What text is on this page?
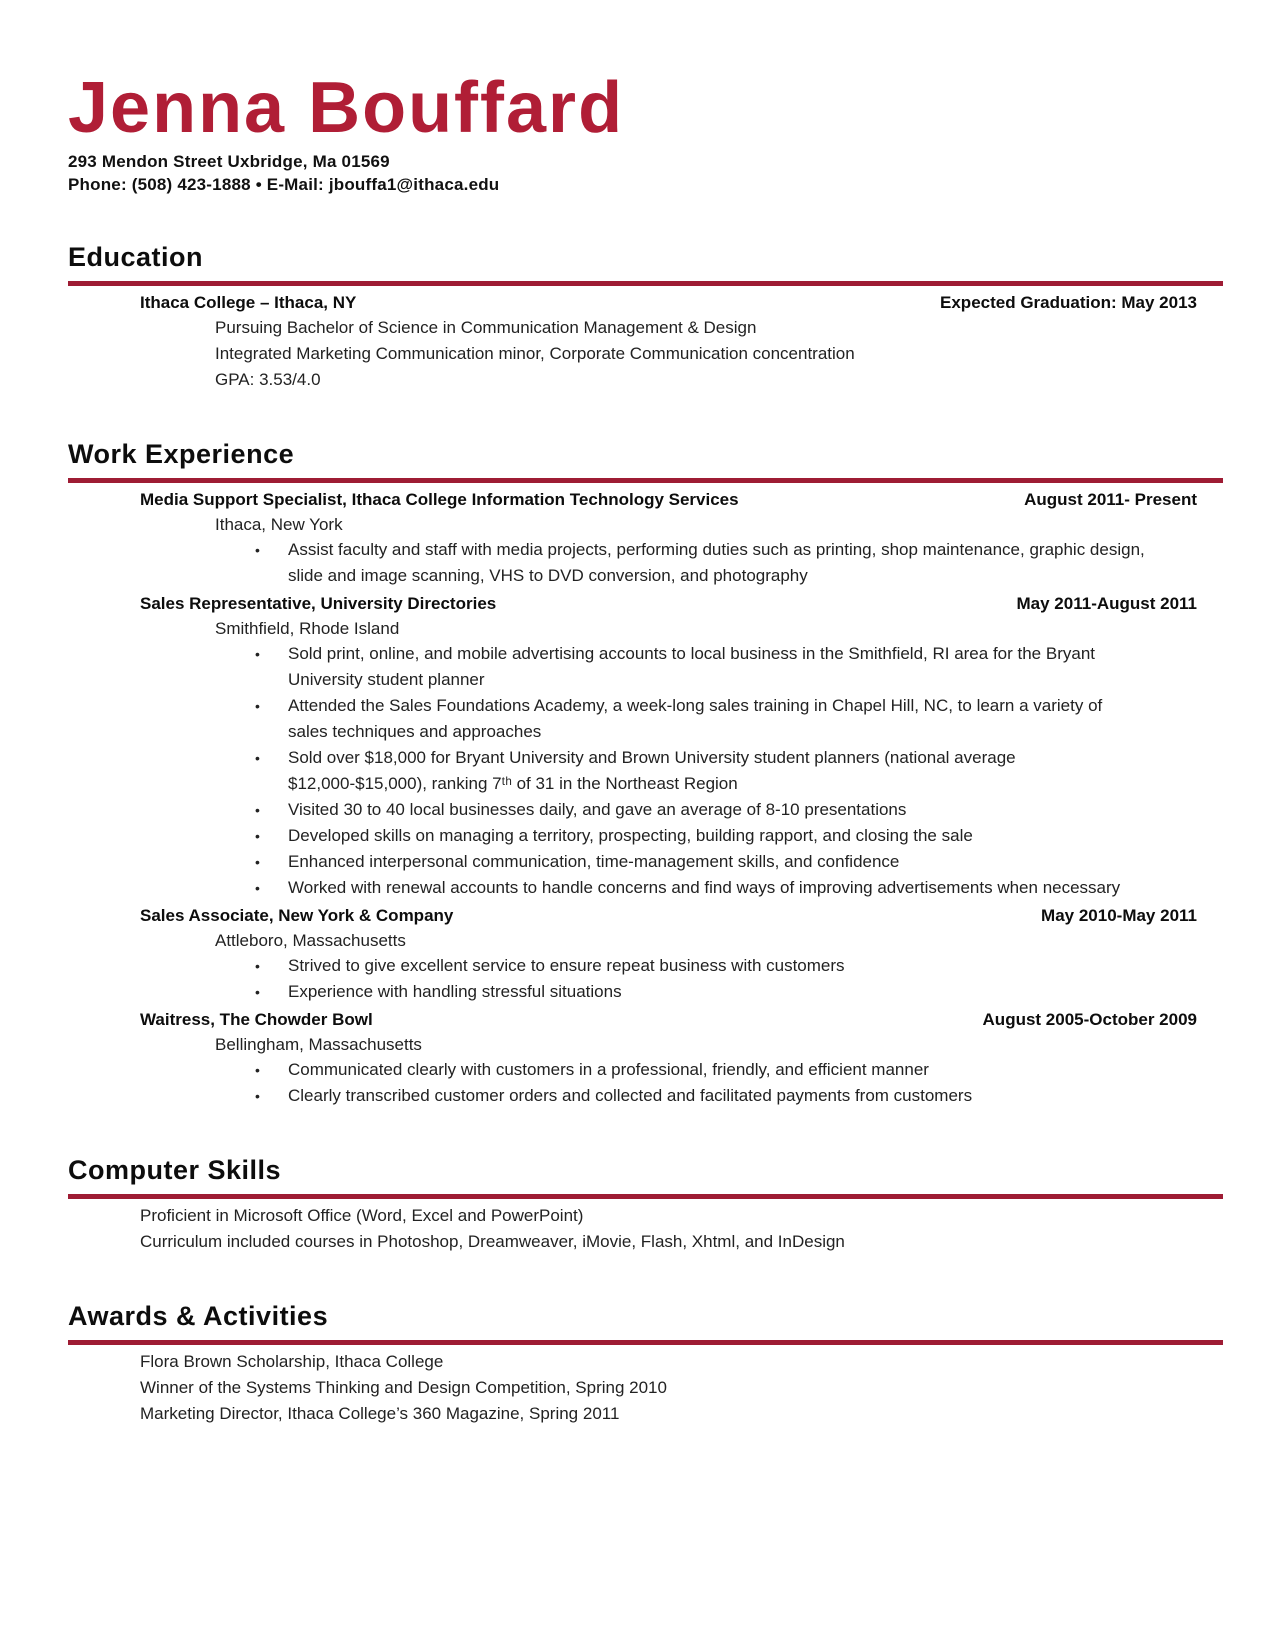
Jenna Bouffard
293 Mendon Street Uxbridge, Ma 01569
Phone: (508) 423-1888 • E-Mail: jbouffa1@ithaca.edu
Education
Ithaca College – Ithaca, NY	Expected Graduation: May 2013
Pursuing Bachelor of Science in Communication Management & Design
Integrated Marketing Communication minor, Corporate Communication concentration
GPA: 3.53/4.0
Work Experience
Media Support Specialist, Ithaca College Information Technology Services	August 2011- Present
Ithaca, New York
•	Assist faculty and staff with media projects, performing duties such as printing, shop maintenance, graphic design, slide and image scanning, VHS to DVD conversion, and photography
Sales Representative, University Directories	May 2011-August 2011
Smithfield, Rhode Island
•	Sold print, online, and mobile advertising accounts to local business in the Smithfield, RI area for the Bryant University student planner
•	Attended the Sales Foundations Academy, a week-long sales training in Chapel Hill, NC, to learn a variety of sales techniques and approaches
•	Sold over $18,000 for Bryant University and Brown University student planners (national average $12,000-$15,000), ranking 7ᵗʰ of 31 in the Northeast Region
•	Visited 30 to 40 local businesses daily, and gave an average of 8-10 presentations
•	Developed skills on managing a territory, prospecting, building rapport, and closing the sale
•	Enhanced interpersonal communication, time-management skills, and confidence
•	Worked with renewal accounts to handle concerns and find ways of improving advertisements when necessary
Sales Associate, New York & Company	May 2010-May 2011
Attleboro, Massachusetts
•	Strived to give excellent service to ensure repeat business with customers
•	Experience with handling stressful situations
Waitress, The Chowder Bowl	August 2005-October 2009
Bellingham, Massachusetts
•	Communicated clearly with customers in a professional, friendly, and efficient manner
•	Clearly transcribed customer orders and collected and facilitated payments from customers
Computer Skills
Proficient in Microsoft Office (Word, Excel and PowerPoint)
Curriculum included courses in Photoshop, Dreamweaver, iMovie, Flash, Xhtml, and InDesign
Awards & Activities
Flora Brown Scholarship, Ithaca College
Winner of the Systems Thinking and Design Competition, Spring 2010
Marketing Director, Ithaca College’s 360 Magazine, Spring 2011
